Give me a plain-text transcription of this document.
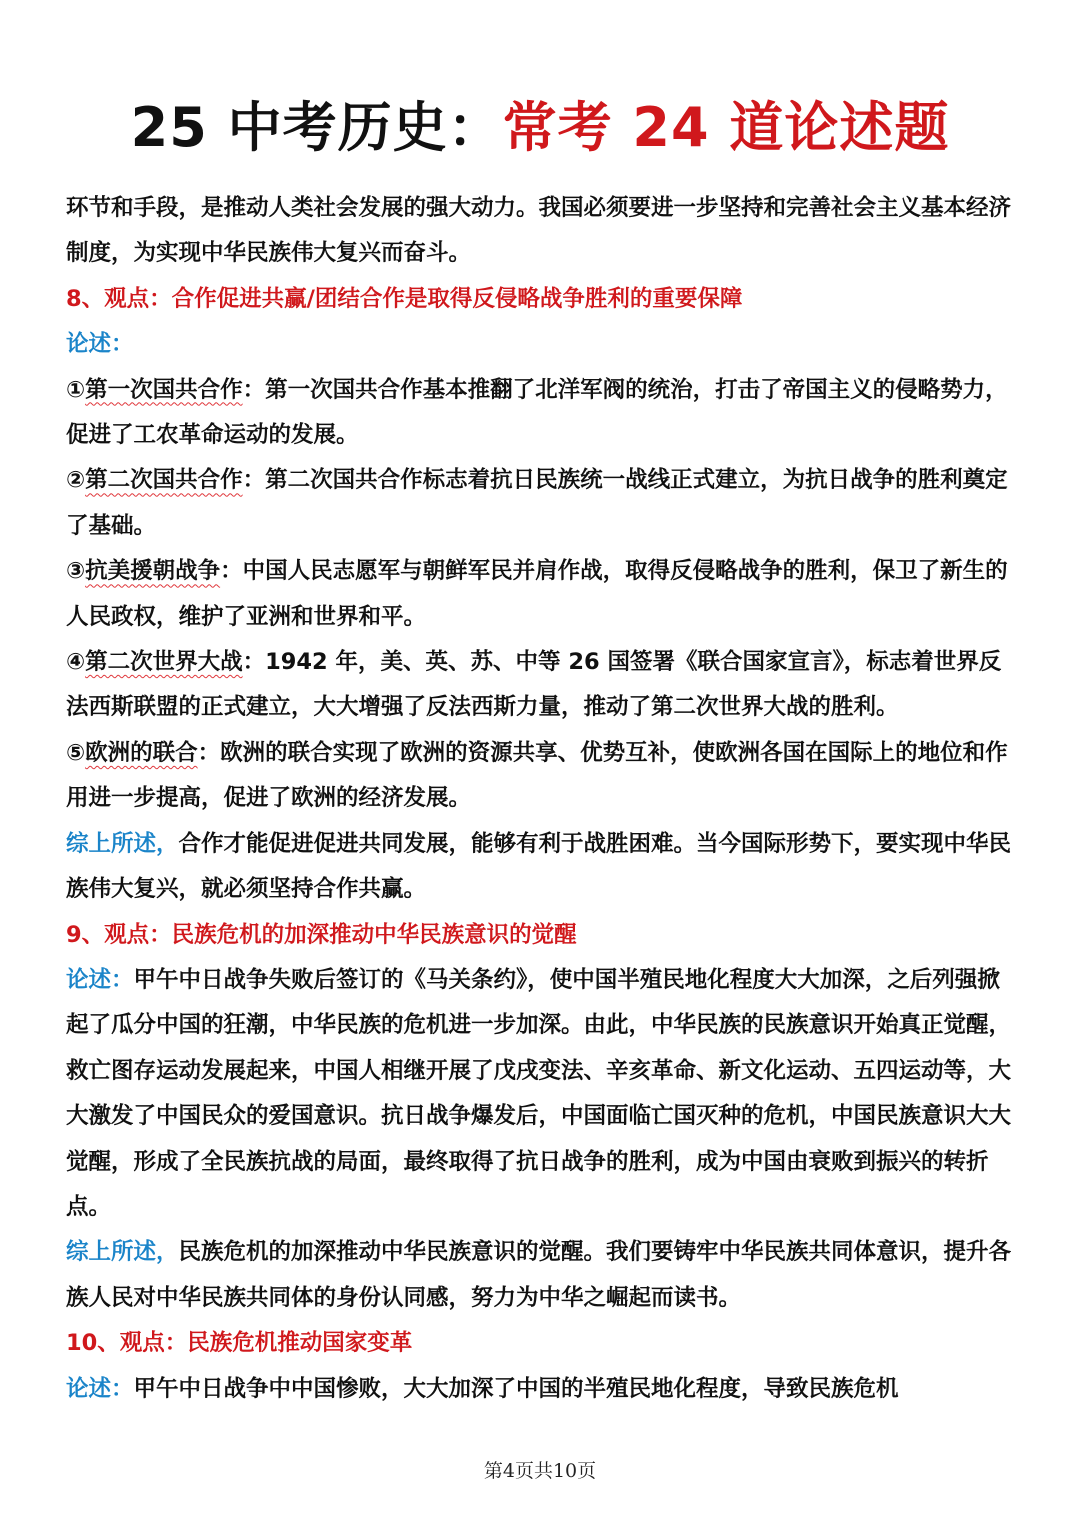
25 中考历史：常考 24 道论述题

环节和手段，是推动人类社会发展的强大动力。我国必须要进一步坚持和完善社会主义基本经济制度，为实现中华民族伟大复兴而奋斗。

8、观点：合作促进共赢/团结合作是取得反侵略战争胜利的重要保障

论述：

①第一次国共合作：第一次国共合作基本推翻了北洋军阀的统治，打击了帝国主义的侵略势力，促进了工农革命运动的发展。

②第二次国共合作：第二次国共合作标志着抗日民族统一战线正式建立，为抗日战争的胜利奠定了基础。

③抗美援朝战争：中国人民志愿军与朝鲜军民并肩作战，取得反侵略战争的胜利，保卫了新生的人民政权，维护了亚洲和世界和平。

④第二次世界大战：1942 年，美、英、苏、中等 26 国签署《联合国家宣言》，标志着世界反法西斯联盟的正式建立，大大增强了反法西斯力量，推动了第二次世界大战的胜利。

⑤欧洲的联合：欧洲的联合实现了欧洲的资源共享、优势互补，使欧洲各国在国际上的地位和作用进一步提高，促进了欧洲的经济发展。

综上所述，合作才能促进促进共同发展，能够有利于战胜困难。当今国际形势下，要实现中华民族伟大复兴，就必须坚持合作共赢。

9、观点：民族危机的加深推动中华民族意识的觉醒

论述：甲午中日战争失败后签订的《马关条约》，使中国半殖民地化程度大大加深，之后列强掀起了瓜分中国的狂潮，中华民族的危机进一步加深。由此，中华民族的民族意识开始真正觉醒，救亡图存运动发展起来，中国人相继开展了戊戌变法、辛亥革命、新文化运动、五四运动等，大大激发了中国民众的爱国意识。抗日战争爆发后，中国面临亡国灭种的危机，中国民族意识大大觉醒，形成了全民族抗战的局面，最终取得了抗日战争的胜利，成为中国由衰败到振兴的转折点。

综上所述，民族危机的加深推动中华民族意识的觉醒。我们要铸牢中华民族共同体意识，提升各族人民对中华民族共同体的身份认同感，努力为中华之崛起而读书。

10、观点：民族危机推动国家变革

论述：甲午中日战争中中国惨败，大大加深了中国的半殖民地化程度，导致民族危机

第4页共10页
